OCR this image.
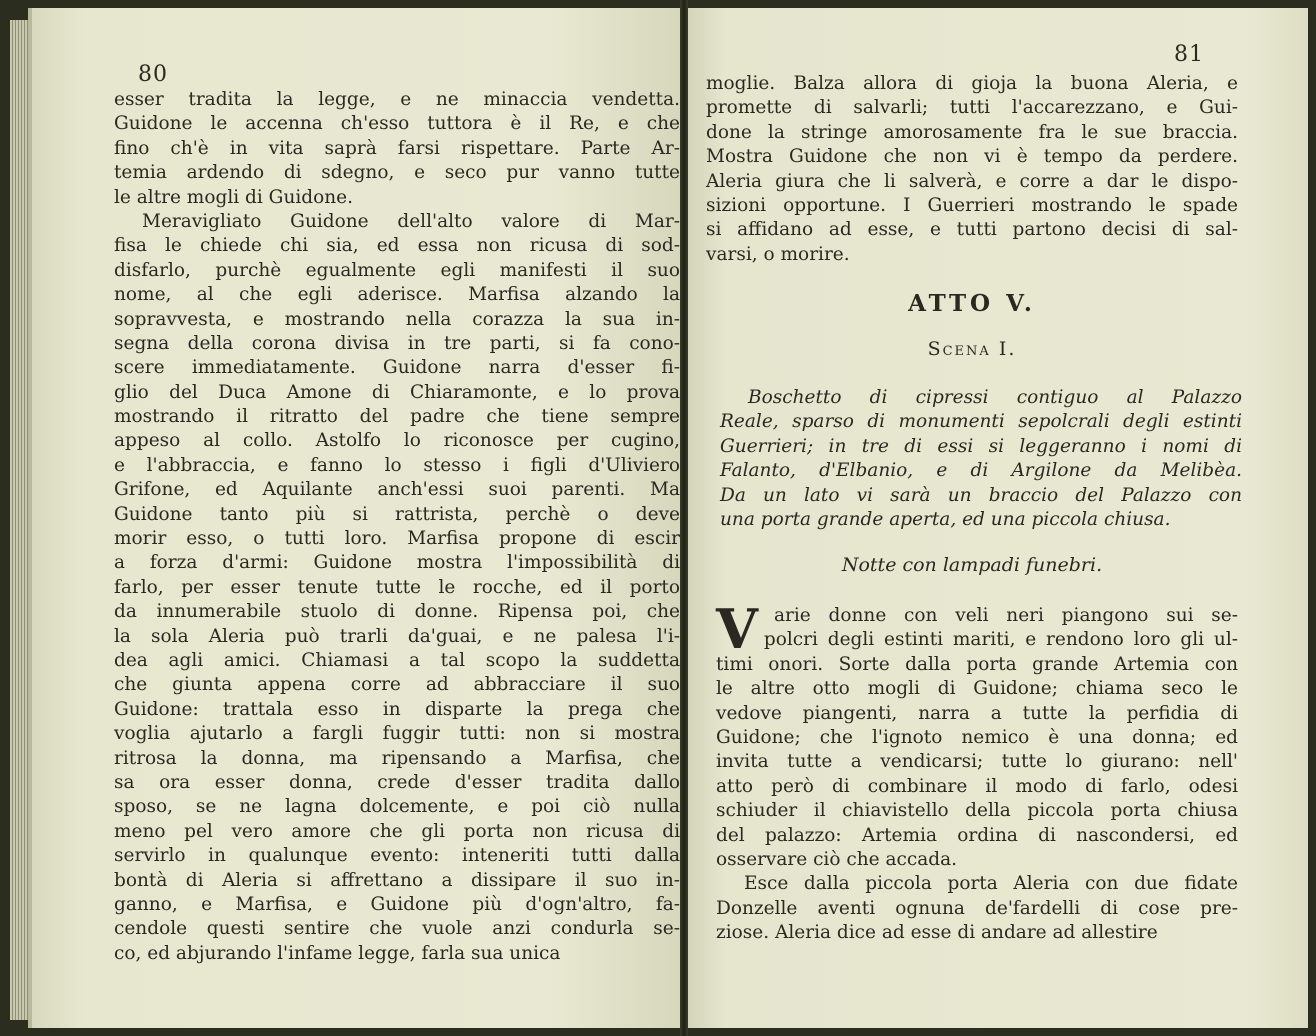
80
esser tradita la legge, e ne minaccia vendetta.
Guidone le accenna ch'esso tuttora è il Re, e che
fino ch'è in vita saprà farsi rispettare. Parte Ar-
temia ardendo di sdegno, e seco pur vanno tutte
le altre mogli di Guidone.
Meravigliato Guidone dell'alto valore di Mar-
fisa le chiede chi sia, ed essa non ricusa di sod-
disfarlo, purchè egualmente egli manifesti il suo
nome, al che egli aderisce. Marfisa alzando la
sopravvesta, e mostrando nella corazza la sua in-
segna della corona divisa in tre parti, si fa cono-
scere immediatamente. Guidone narra d'esser fi-
glio del Duca Amone di Chiaramonte, e lo prova
mostrando il ritratto del padre che tiene sempre
appeso al collo. Astolfo lo riconosce per cugino,
e l'abbraccia, e fanno lo stesso i figli d'Uliviero
Grifone, ed Aquilante anch'essi suoi parenti. Ma
Guidone tanto più si rattrista, perchè o deve
morir esso, o tutti loro. Marfisa propone di escir
a forza d'armi: Guidone mostra l'impossibilità di
farlo, per esser tenute tutte le rocche, ed il porto
da innumerabile stuolo di donne. Ripensa poi, che
la sola Aleria può trarli da'guai, e ne palesa l'i-
dea agli amici. Chiamasi a tal scopo la suddetta
che giunta appena corre ad abbracciare il suo
Guidone: trattala esso in disparte la prega che
voglia ajutarlo a fargli fuggir tutti: non si mostra
ritrosa la donna, ma ripensando a Marfisa, che
sa ora esser donna, crede d'esser tradita dallo
sposo, se ne lagna dolcemente, e poi ciò nulla
meno pel vero amore che gli porta non ricusa di
servirlo in qualunque evento: inteneriti tutti dalla
bontà di Aleria si affrettano a dissipare il suo in-
ganno, e Marfisa, e Guidone più d'ogn'altro, fa-
cendole questi sentire che vuole anzi condurla se-
co, ed abjurando l'infame legge, farla sua unica
81
moglie. Balza allora di gioja la buona Aleria, e
promette di salvarli; tutti l'accarezzano, e Gui-
done la stringe amorosamente fra le sue braccia.
Mostra Guidone che non vi è tempo da perdere.
Aleria giura che li salverà, e corre a dar le dispo-
sizioni opportune. I Guerrieri mostrando le spade
si affidano ad esse, e tutti partono decisi di sal-
varsi, o morire.
ATTO V.
Scena I.
Boschetto di cipressi contiguo al Palazzo
Reale, sparso di monumenti sepolcrali degli estinti
Guerrieri; in tre di essi si leggeranno i nomi di
Falanto, d'Elbanio, e di Argilone da Melibèa.
Da un lato vi sarà un braccio del Palazzo con
una porta grande aperta, ed una piccola chiusa.
Notte con lampadi funebri.
V arie donne con veli neri piangono sui se-
polcri degli estinti mariti, e rendono loro gli ul-
timi onori. Sorte dalla porta grande Artemia con
le altre otto mogli di Guidone; chiama seco le
vedove piangenti, narra a tutte la perfidia di
Guidone; che l'ignoto nemico è una donna; ed
invita tutte a vendicarsi; tutte lo giurano: nell'
atto però di combinare il modo di farlo, odesi
schiuder il chiavistello della piccola porta chiusa
del palazzo: Artemia ordina di nascondersi, ed
osservare ciò che accada.
Esce dalla piccola porta Aleria con due fidate
Donzelle aventi ognuna de'fardelli di cose pre-
ziose. Aleria dice ad esse di andare ad allestire
